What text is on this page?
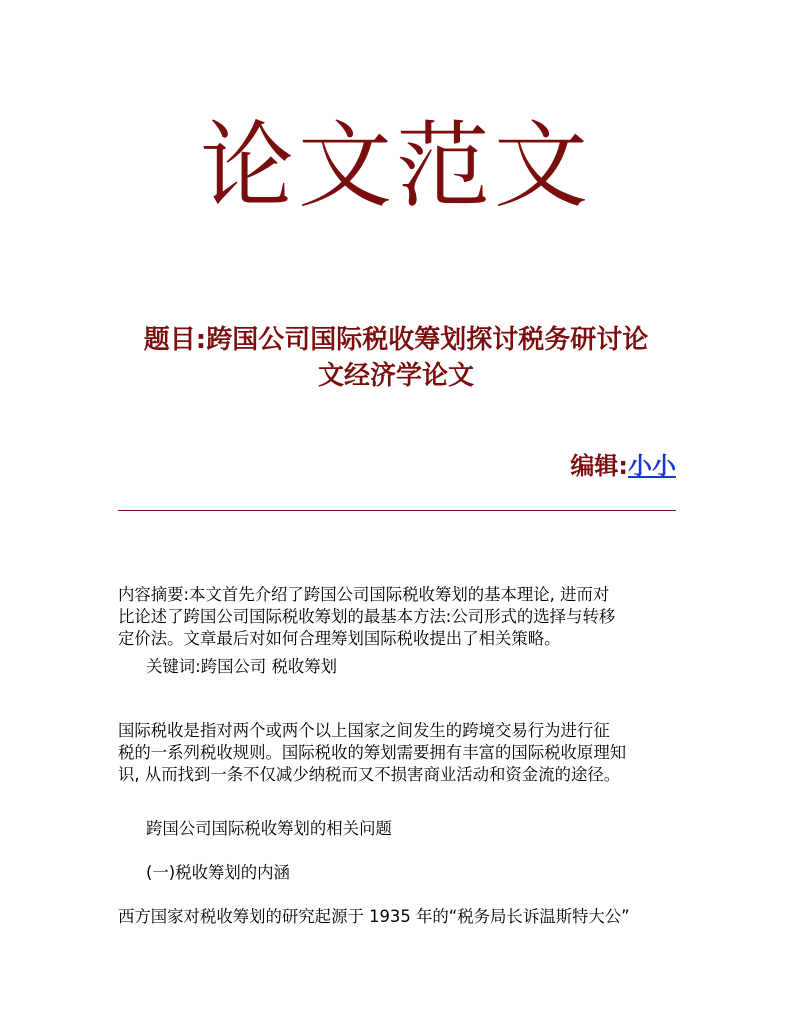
论文范文
题目:跨国公司国际税收筹划探讨税务研讨论
文经济学论文
编辑:小小
内容摘要:本文首先介绍了跨国公司国际税收筹划的基本理论, 进而对
比论述了跨国公司国际税收筹划的最基本方法:公司形式的选择与转移
定价法。文章最后对如何合理筹划国际税收提出了相关策略。
关键词:跨国公司 税收筹划
国际税收是指对两个或两个以上国家之间发生的跨境交易行为进行征
税的一系列税收规则。国际税收的筹划需要拥有丰富的国际税收原理知
识, 从而找到一条不仅减少纳税而又不损害商业活动和资金流的途径。
跨国公司国际税收筹划的相关问题
(一)税收筹划的内涵
西方国家对税收筹划的研究起源于 1935 年的“税务局长诉温斯特大公”
